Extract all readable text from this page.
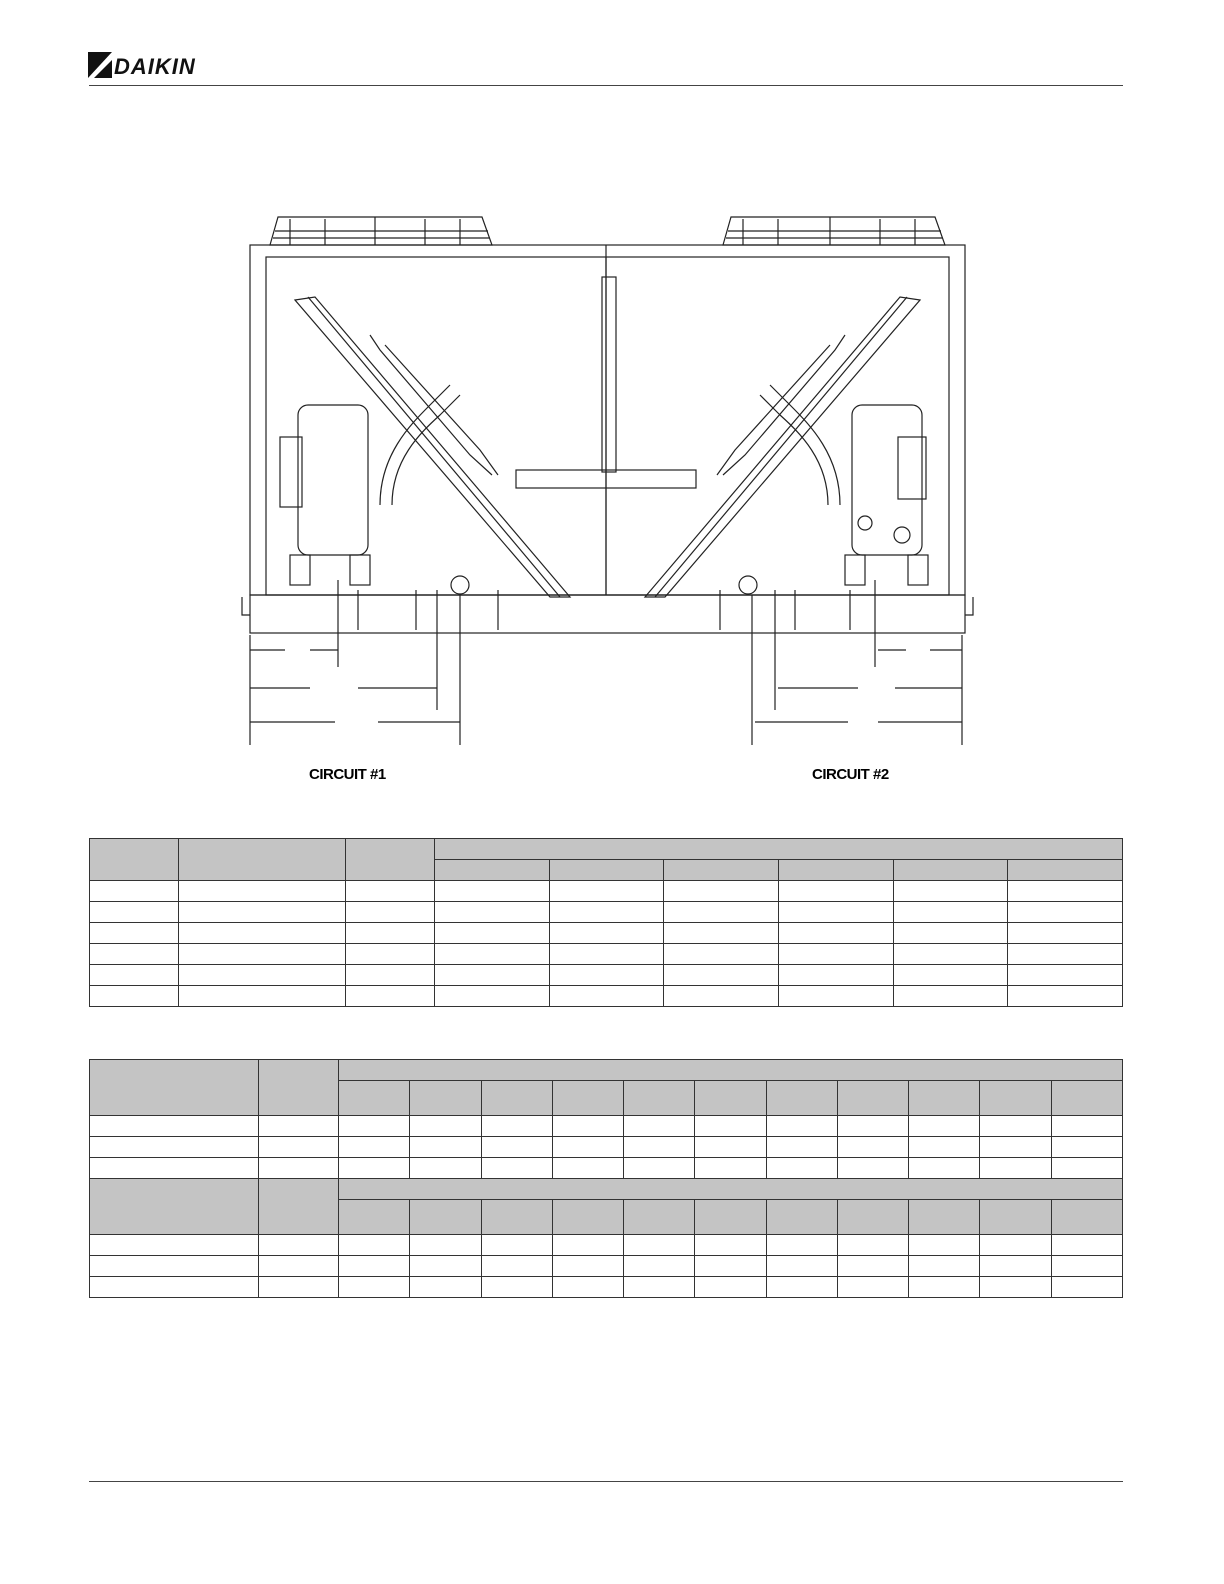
DAIKIN
CIRCUIT #1	CIRCUIT #2
